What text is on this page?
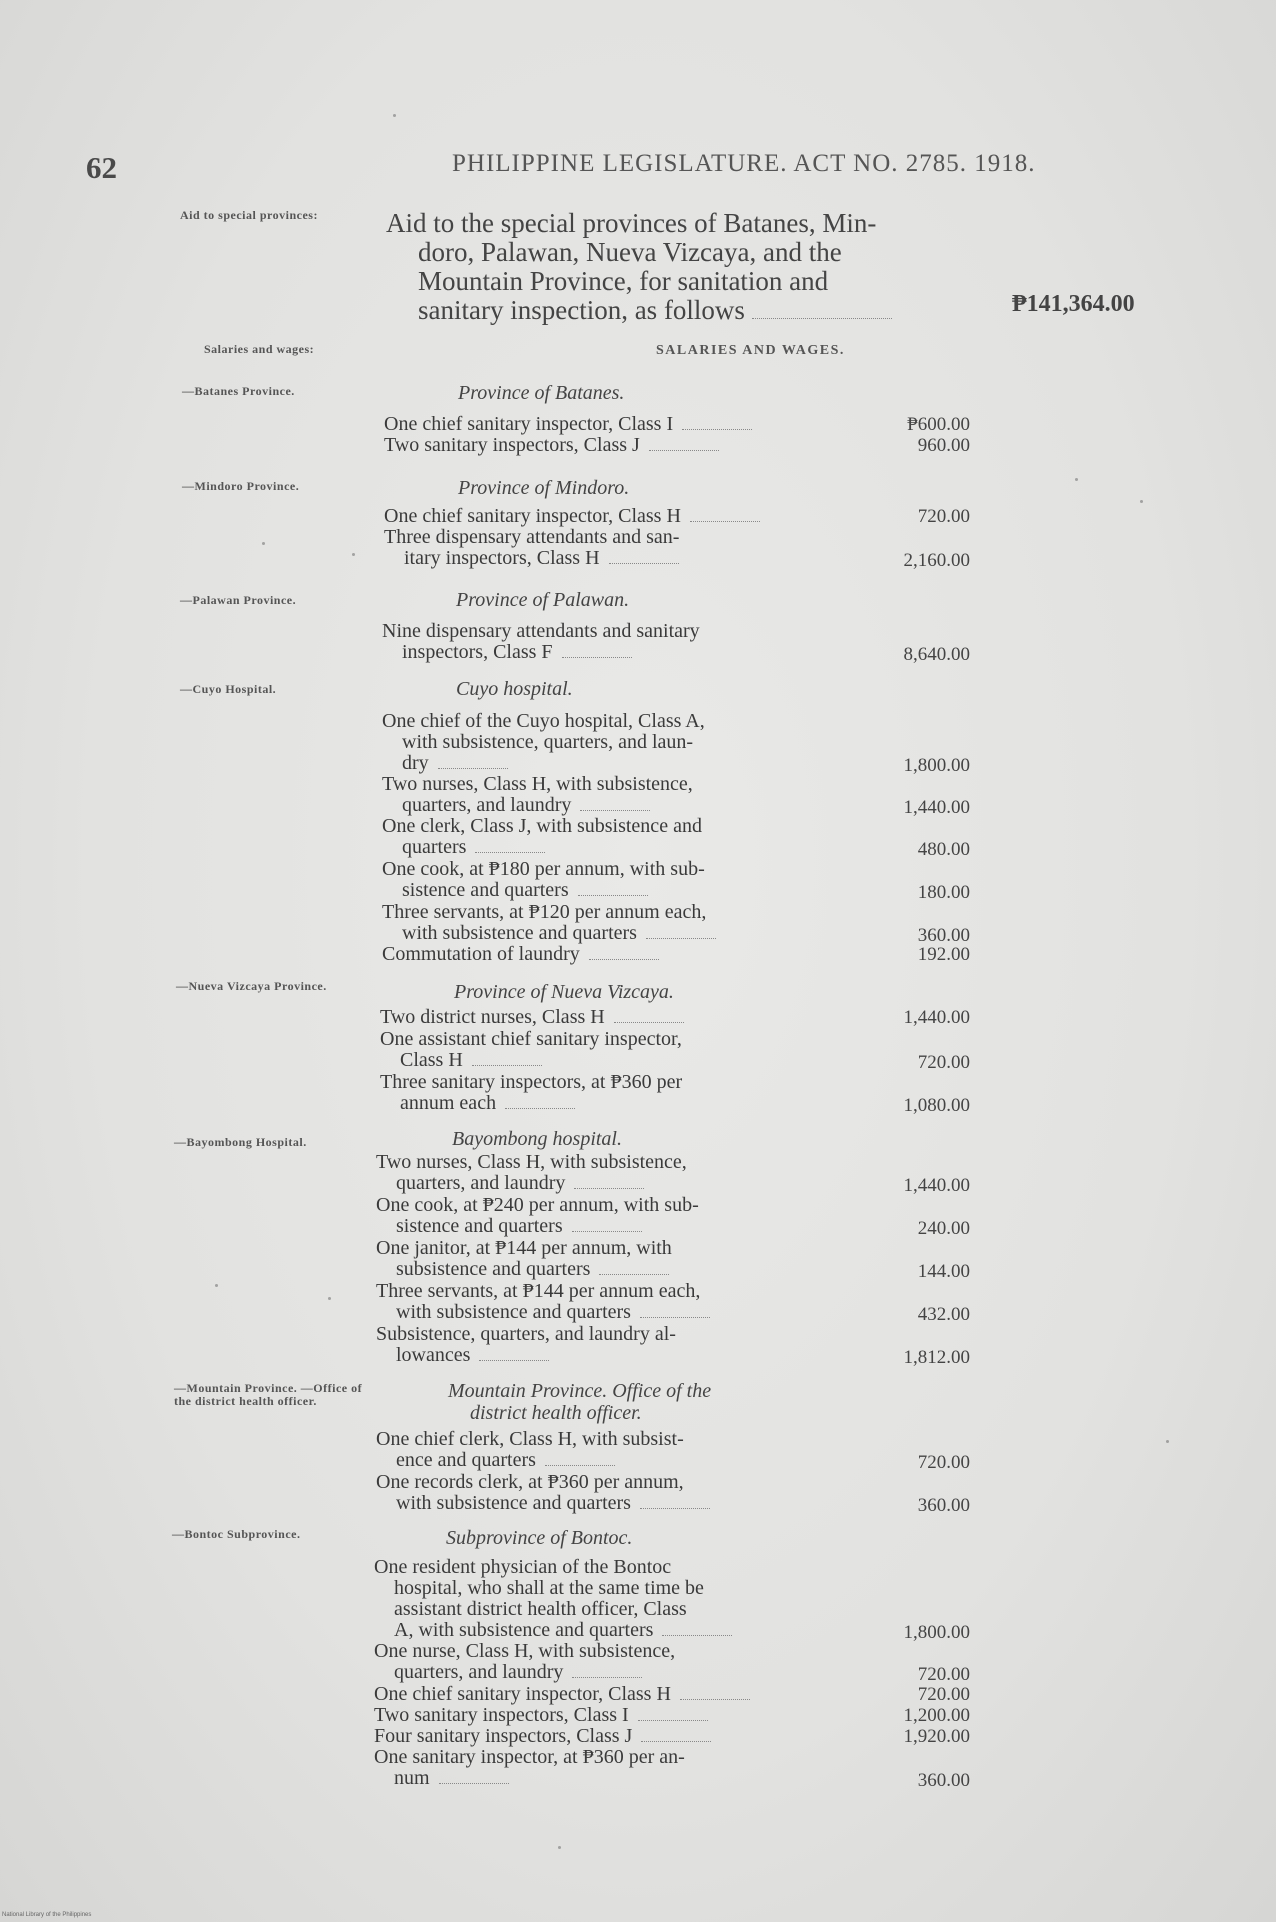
62	PHILIPPINE LEGISLATURE. ACT NO. 2785. 1918.
Aid to special provinces:
Salaries and wages:
—Batanes Province.
—Mindoro Province.
—Palawan Province.
—Cuyo Hospital.
—Nueva Vizcaya Province.
—Bayombong Hospital.
—Mountain Province. —Office of the district health officer.
—Bontoc Subprovince.
Aid to the special provinces of Batanes, Min-
doro, Palawan, Nueva Vizcaya, and the
Mountain Province, for sanitation and
sanitary inspection, as follows	₱141,364.00
SALARIES AND WAGES.
Province of Batanes.
Province of Mindoro.
Province of Palawan.
Cuyo hospital.
Province of Nueva Vizcaya.
Bayombong hospital.
Mountain Province. Office of the
district health officer.
Subprovince of Bontoc.
One chief sanitary inspector, Class I	₱600.00
Two sanitary inspectors, Class J	960.00
One chief sanitary inspector, Class H	720.00
Three dispensary attendants and san-
itary inspectors, Class H	2,160.00
Nine dispensary attendants and sanitary
inspectors, Class F	8,640.00
One chief of the Cuyo hospital, Class A,
with subsistence, quarters, and laun-
dry	1,800.00
Two nurses, Class H, with subsistence,
quarters, and laundry	1,440.00
One clerk, Class J, with subsistence and
quarters	480.00
One cook, at ₱180 per annum, with sub-
sistence and quarters	180.00
Three servants, at ₱120 per annum each,
with subsistence and quarters	360.00
Commutation of laundry	192.00
Two district nurses, Class H	1,440.00
One assistant chief sanitary inspector,
Class H	720.00
Three sanitary inspectors, at ₱360 per
annum each	1,080.00
Two nurses, Class H, with subsistence,
quarters, and laundry	1,440.00
One cook, at ₱240 per annum, with sub-
sistence and quarters	240.00
One janitor, at ₱144 per annum, with
subsistence and quarters	144.00
Three servants, at ₱144 per annum each,
with subsistence and quarters	432.00
Subsistence, quarters, and laundry al-
lowances	1,812.00
One chief clerk, Class H, with subsist-
ence and quarters	720.00
One records clerk, at ₱360 per annum,
with subsistence and quarters	360.00
One resident physician of the Bontoc
hospital, who shall at the same time be
assistant district health officer, Class
A, with subsistence and quarters	1,800.00
One nurse, Class H, with subsistence,
quarters, and laundry	720.00
One chief sanitary inspector, Class H	720.00
Two sanitary inspectors, Class I	1,200.00
Four sanitary inspectors, Class J	1,920.00
One sanitary inspector, at ₱360 per an-
num	360.00
National Library of the Philippines
